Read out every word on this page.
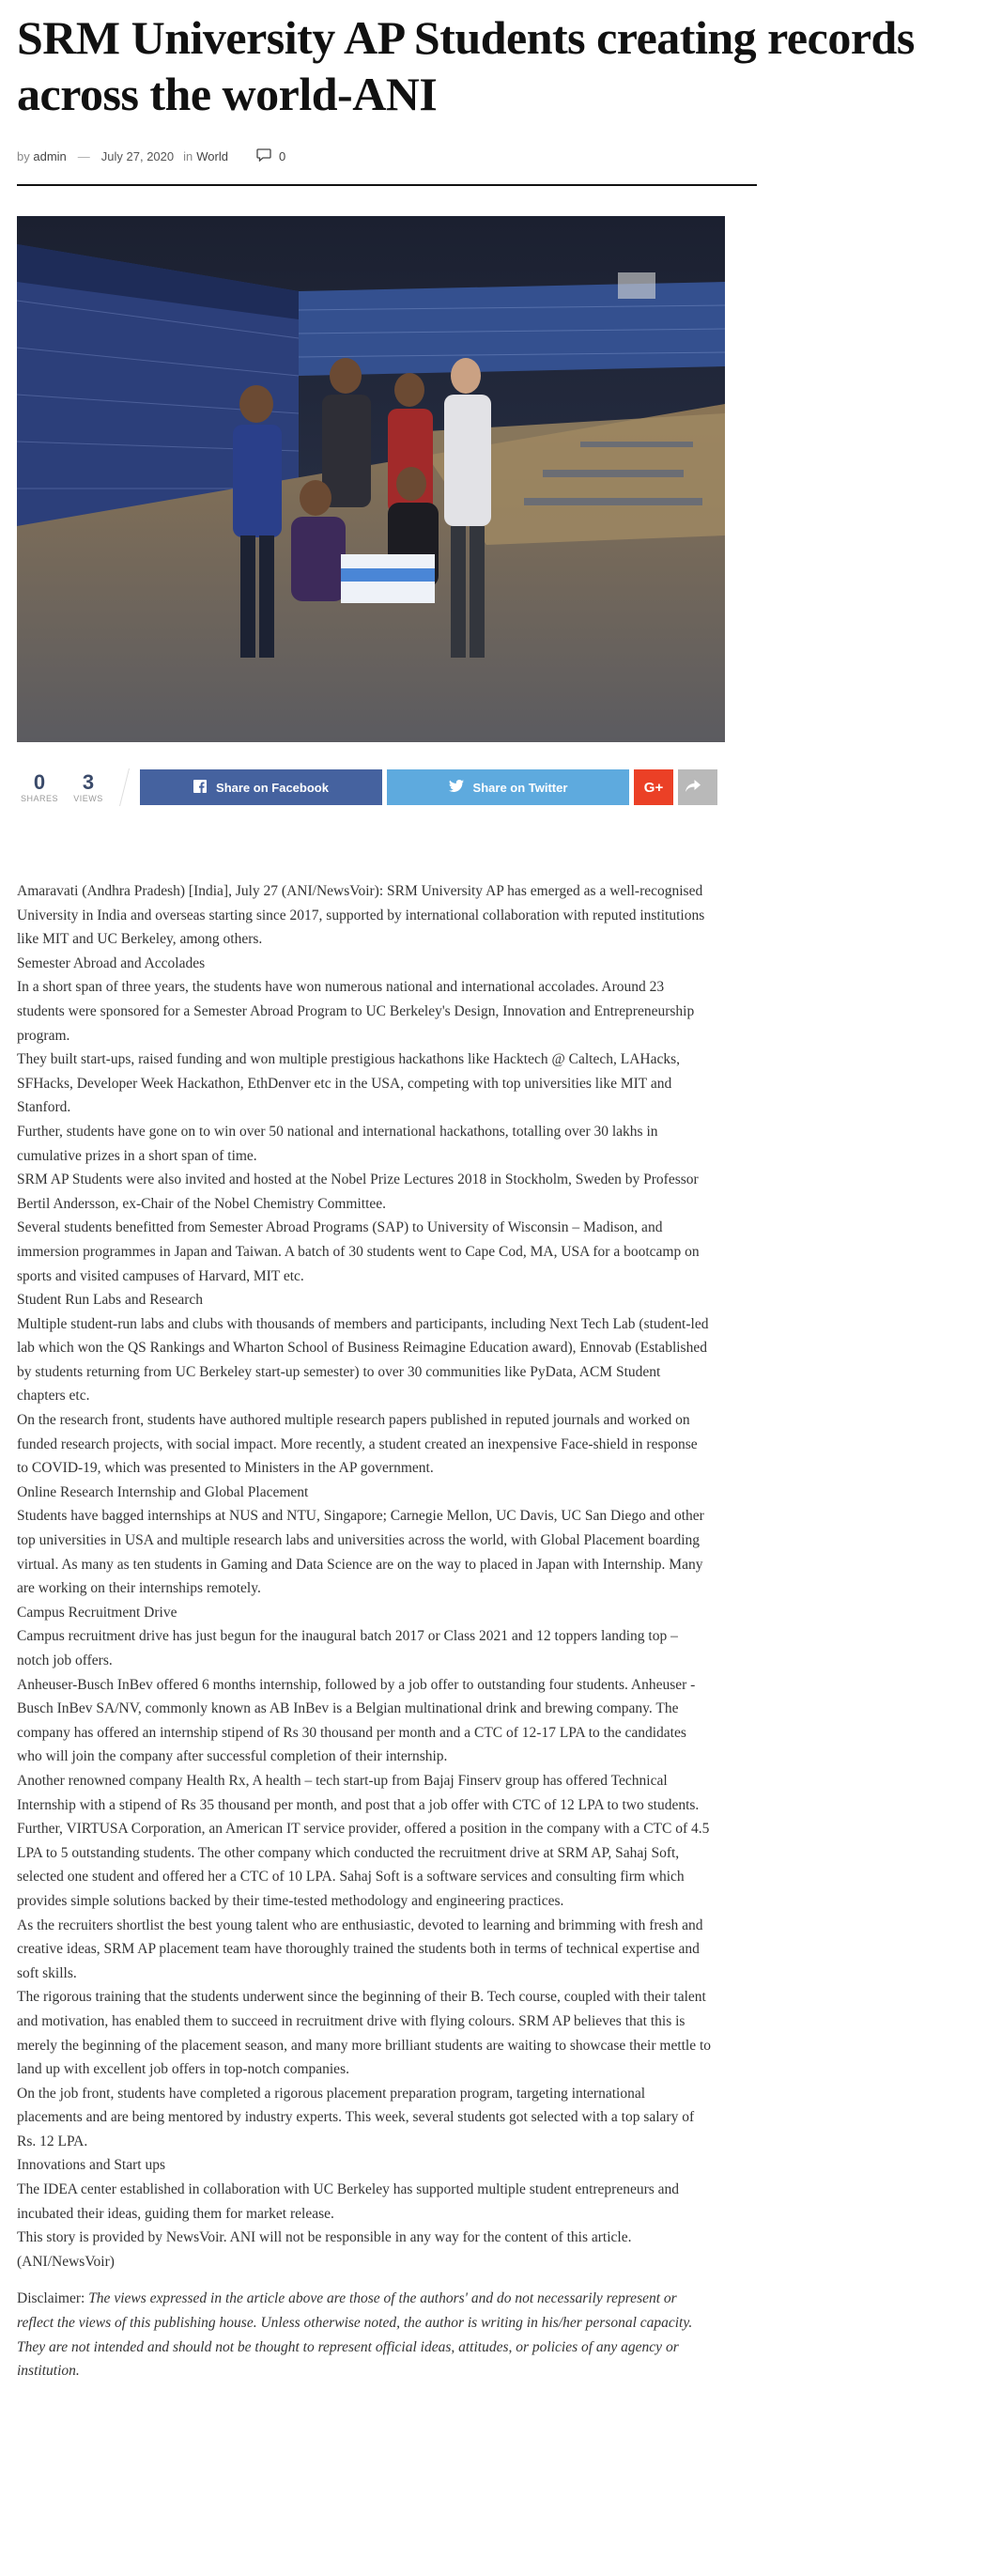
SRM University AP Students creating records across the world-ANI
by
admin — July 27, 2020 in World	0
0
SHARES
3
VIEWS
Share on Facebook	Share on Twitter	G+

Amaravati (Andhra Pradesh) [India], July 27 (ANI/NewsVoir): SRM University AP has emerged as a well-recognised University in India and overseas starting since 2017, supported by international collaboration with reputed institutions like MIT and UC Berkeley, among others.

Semester Abroad and Accolades

In a short span of three years, the students have won numerous national and international accolades. Around 23 students were sponsored for a Semester Abroad Program to UC Berkeley's Design, Innovation and Entrepreneurship program.

They built start-ups, raised funding and won multiple prestigious hackathons like Hacktech @ Caltech, LAHacks, SFHacks, Developer Week Hackathon, EthDenver etc in the USA, competing with top universities like MIT and Stanford.

Further, students have gone on to win over 50 national and international hackathons, totalling over 30 lakhs in cumulative prizes in a short span of time.

SRM AP Students were also invited and hosted at the Nobel Prize Lectures 2018 in Stockholm, Sweden by Professor Bertil Andersson, ex-Chair of the Nobel Chemistry Committee.

Several students benefitted from Semester Abroad Programs (SAP) to University of Wisconsin – Madison, and immersion programmes in Japan and Taiwan. A batch of 30 students went to Cape Cod, MA, USA for a bootcamp on sports and visited campuses of Harvard, MIT etc.

Student Run Labs and Research

Multiple student-run labs and clubs with thousands of members and participants, including Next Tech Lab (student-led lab which won the QS Rankings and Wharton School of Business Reimagine Education award), Ennovab (Established by students returning from UC Berkeley start-up semester) to over 30 communities like PyData, ACM Student chapters etc.

On the research front, students have authored multiple research papers published in reputed journals and worked on funded research projects, with social impact. More recently, a student created an inexpensive Face-shield in response to COVID-19, which was presented to Ministers in the AP government.

Online Research Internship and Global Placement

Students have bagged internships at NUS and NTU, Singapore; Carnegie Mellon, UC Davis, UC San Diego and other top universities in USA and multiple research labs and universities across the world, with Global Placement boarding virtual. As many as ten students in Gaming and Data Science are on the way to placed in Japan with Internship. Many are working on their internships remotely.

Campus Recruitment Drive

Campus recruitment drive has just begun for the inaugural batch 2017 or Class 2021 and 12 toppers landing top – notch job offers.

Anheuser-Busch InBev offered 6 months internship, followed by a job offer to outstanding four students. Anheuser -Busch InBev SA/NV, commonly known as AB InBev is a Belgian multinational drink and brewing company. The company has offered an internship stipend of Rs 30 thousand per month and a CTC of 12-17 LPA to the candidates who will join the company after successful completion of their internship.

Another renowned company Health Rx, A health – tech start-up from Bajaj Finserv group has offered Technical Internship with a stipend of Rs 35 thousand per month, and post that a job offer with CTC of 12 LPA to two students.

Further, VIRTUSA Corporation, an American IT service provider, offered a position in the company with a CTC of 4.5 LPA to 5 outstanding students. The other company which conducted the recruitment drive at SRM AP, Sahaj Soft, selected one student and offered her a CTC of 10 LPA. Sahaj Soft is a software services and consulting firm which provides simple solutions backed by their time-tested methodology and engineering practices.

As the recruiters shortlist the best young talent who are enthusiastic, devoted to learning and brimming with fresh and creative ideas, SRM AP placement team have thoroughly trained the students both in terms of technical expertise and soft skills.

The rigorous training that the students underwent since the beginning of their B. Tech course, coupled with their talent and motivation, has enabled them to succeed in recruitment drive with flying colours. SRM AP believes that this is merely the beginning of the placement season, and many more brilliant students are waiting to showcase their mettle to land up with excellent job offers in top-notch companies.

On the job front, students have completed a rigorous placement preparation program, targeting international placements and are being mentored by industry experts. This week, several students got selected with a top salary of Rs. 12 LPA.

Innovations and Start ups

The IDEA center established in collaboration with UC Berkeley has supported multiple student entrepreneurs and incubated their ideas, guiding them for market release.

This story is provided by NewsVoir. ANI will not be responsible in any way for the content of this article. (ANI/NewsVoir)

Disclaimer: The views expressed in the article above are those of the authors' and do not necessarily represent or reflect the views of this publishing house. Unless otherwise noted, the author is writing in his/her personal capacity. They are not intended and should not be thought to represent official ideas, attitudes, or policies of any agency or institution.
